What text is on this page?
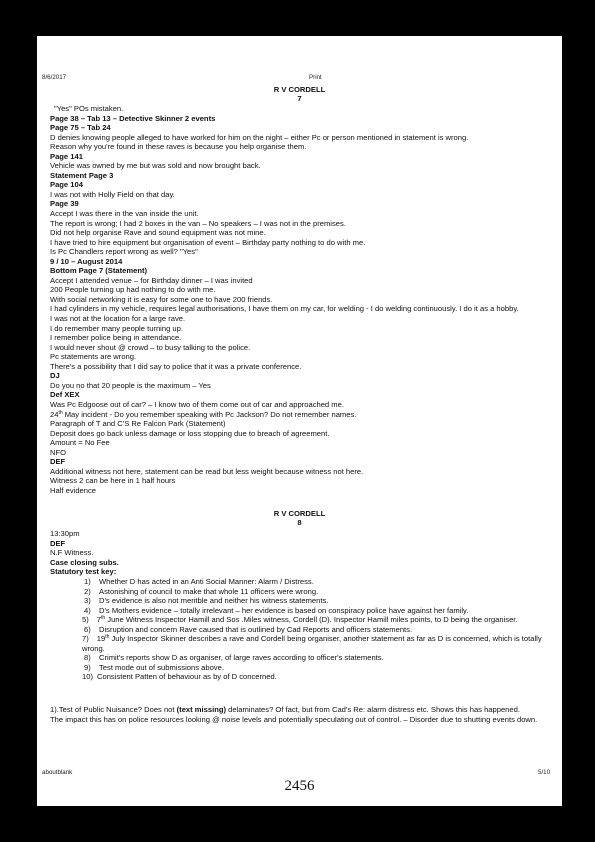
8/6/2017	Print
R V CORDELL
7
"Yes" POs mistaken.
Page 38 – Tab 13 – Detective Skinner 2 events
Page 75 – Tab 24
D denies knowing people alleged to have worked for him on the night – either Pc or person mentioned in statement is wrong.
Reason why you're found in these raves is because you help organise them.
Page 141
Vehicle was owned by me but was sold and now brought back.
Statement Page 3
Page 104
I was not with Holly Field on that day.
Page 39
Accept I was there in the van inside the unit.
The report is wrong; I had 2 boxes in the van – No speakers – I was not in the premises.
Did not help organise Rave and sound equipment was not mine.
I have tried to hire equipment but organisation of event – Birthday party nothing to do with me.
Is Pc Chandlers report wrong as well? "Yes"
9 / 10 – August 2014
Bottom Page 7 (Statement)
Accept I attended venue – for Birthday dinner – I was invited
200 People turning up had nothing to do with me.
With social networking it is easy for some one to have 200 friends.
I had cylinders in my vehicle, requires legal authorisations, I have them on my car, for welding - I do welding continuously. I do it as a hobby.
I was not at the location for a large rave.
I do remember many people turning up.
I remember police being in attendance.
I would never shout @ crowd – to busy talking to the police.
Pc statements are wrong.
There's a possibility that I did say to police that it was a private conference.
DJ
Do you no that 20 people is the maximum – Yes
Def XEX
Was Pc Edgoose out of car? – I know two of them come out of car and approached me.
24th May incident - Do you remember speaking with Pc Jackson? Do not remember names.
Paragraph of T and C'S Re Falcon Park (Statement)
Deposit does go back unless damage or loss stopping due to breach of agreement.
Amount = No Fee
NFO
DEF
Additional witness not here, statement can be read but less weight because witness not here.
Witness 2 can be here in 1 half hours
Half evidence
R V CORDELL
8
13:30pm
DEF
N.F Witness.
Case closing subs.
Statutory test key:
1) Whether D has acted in an Anti Social Manner: Alarm / Distress.
2) Astonishing of council to make that whole 11 officers were wrong.
3) D's evidence is also not meritble and neither his witness statements.
4) D's Mothers evidence – totally irrelevant – her evidence is based on conspiracy police have against her family.
5) 7th June Witness Inspector Hamill and Sos .Miles witness, Cordell (D). Inspector Hamill miles points, to D being the organiser.
6) Disruption and concern Rave caused that is outlined by Cad Reports and officers statements.
7) 19th July Inspector Skinner describes a rave and Cordell being organiser, another statement as far as D is concerned, which is totally wrong.
8) Crimit's reports show D as organiser, of large raves according to officer's statements.
9) Test mode out of submissions above.
10) Consistent Patten of behaviour as by of D concerned.
1).Test of Public Nuisance? Does not (text missing) delaminates? Of fact, but from Cad's Re: alarm distress etc. Shows this has happened.
The impact this has on police resources looking @ noise levels and potentially speculating out of control. – Disorder due to shutting events down.
aboutblank	5/10
2456
